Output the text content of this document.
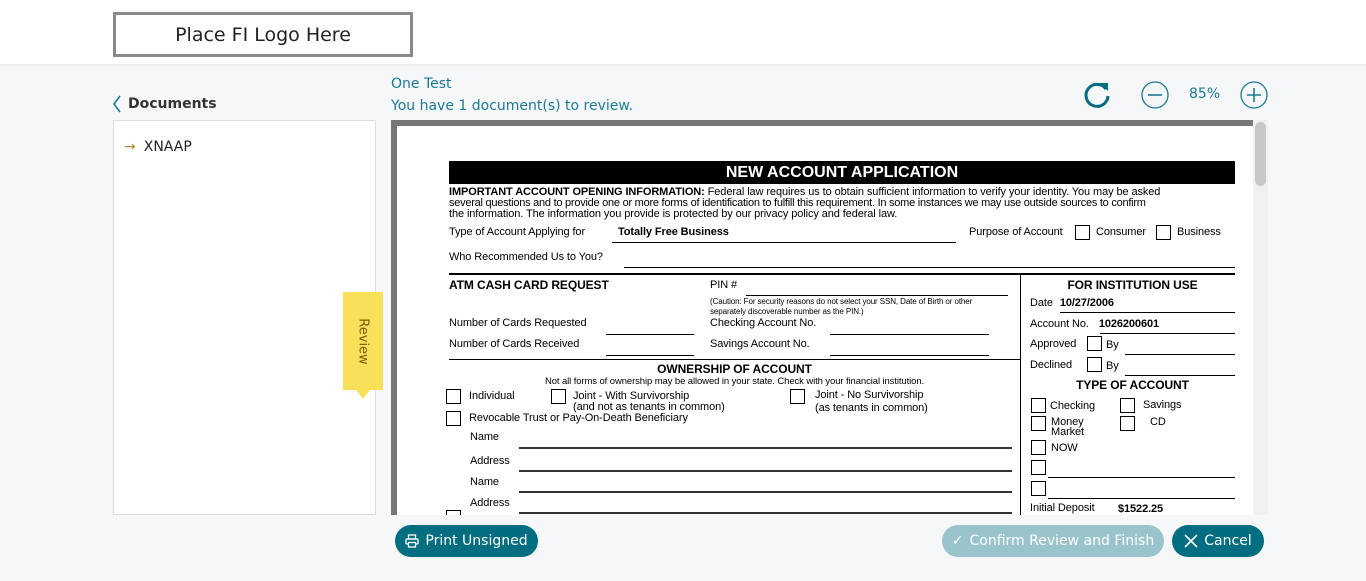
Place FI Logo Here
Documents
→ XNAAP
Review
One Test
You have 1 document(s) to review.
85%
NEW ACCOUNT APPLICATION
IMPORTANT ACCOUNT OPENING INFORMATION: Federal law requires us to obtain sufficient information to verify your identity. You may be asked
several questions and to provide one or more forms of identification to fulfill this requirement. In some instances we may use outside sources to confirm
the information. The information you provide is protected by our privacy policy and federal law.
Type of Account Applying for	Totally Free Business	Purpose of Account	Consumer	Business
Who Recommended Us to You?
ATM CASH CARD REQUEST	PIN #
(Caution: For security reasons do not select your SSN, Date of Birth or other
separately discoverable number as the PIN.)
Number of Cards Requested	Checking Account No.
Number of Cards Received	Savings Account No.
FOR INSTITUTION USE
Date 10/27/2006
Account No. 1026200601
Approved	By
Declined	By
TYPE OF ACCOUNT
Checking	Savings
Money
Market
CD
NOW
Initial Deposit $1522.25
OWNERSHIP OF ACCOUNT
Not all forms of ownership may be allowed in your state. Check with your financial institution.
Individual	Joint - With Survivorship
(and not as tenants in common)
Joint - No Survivorship
(as tenants in common)
Revocable Trust or Pay-On-Death Beneficiary
Name
Address
Name
Address
Print Unsigned	✓ Confirm Review and Finish	Cancel
